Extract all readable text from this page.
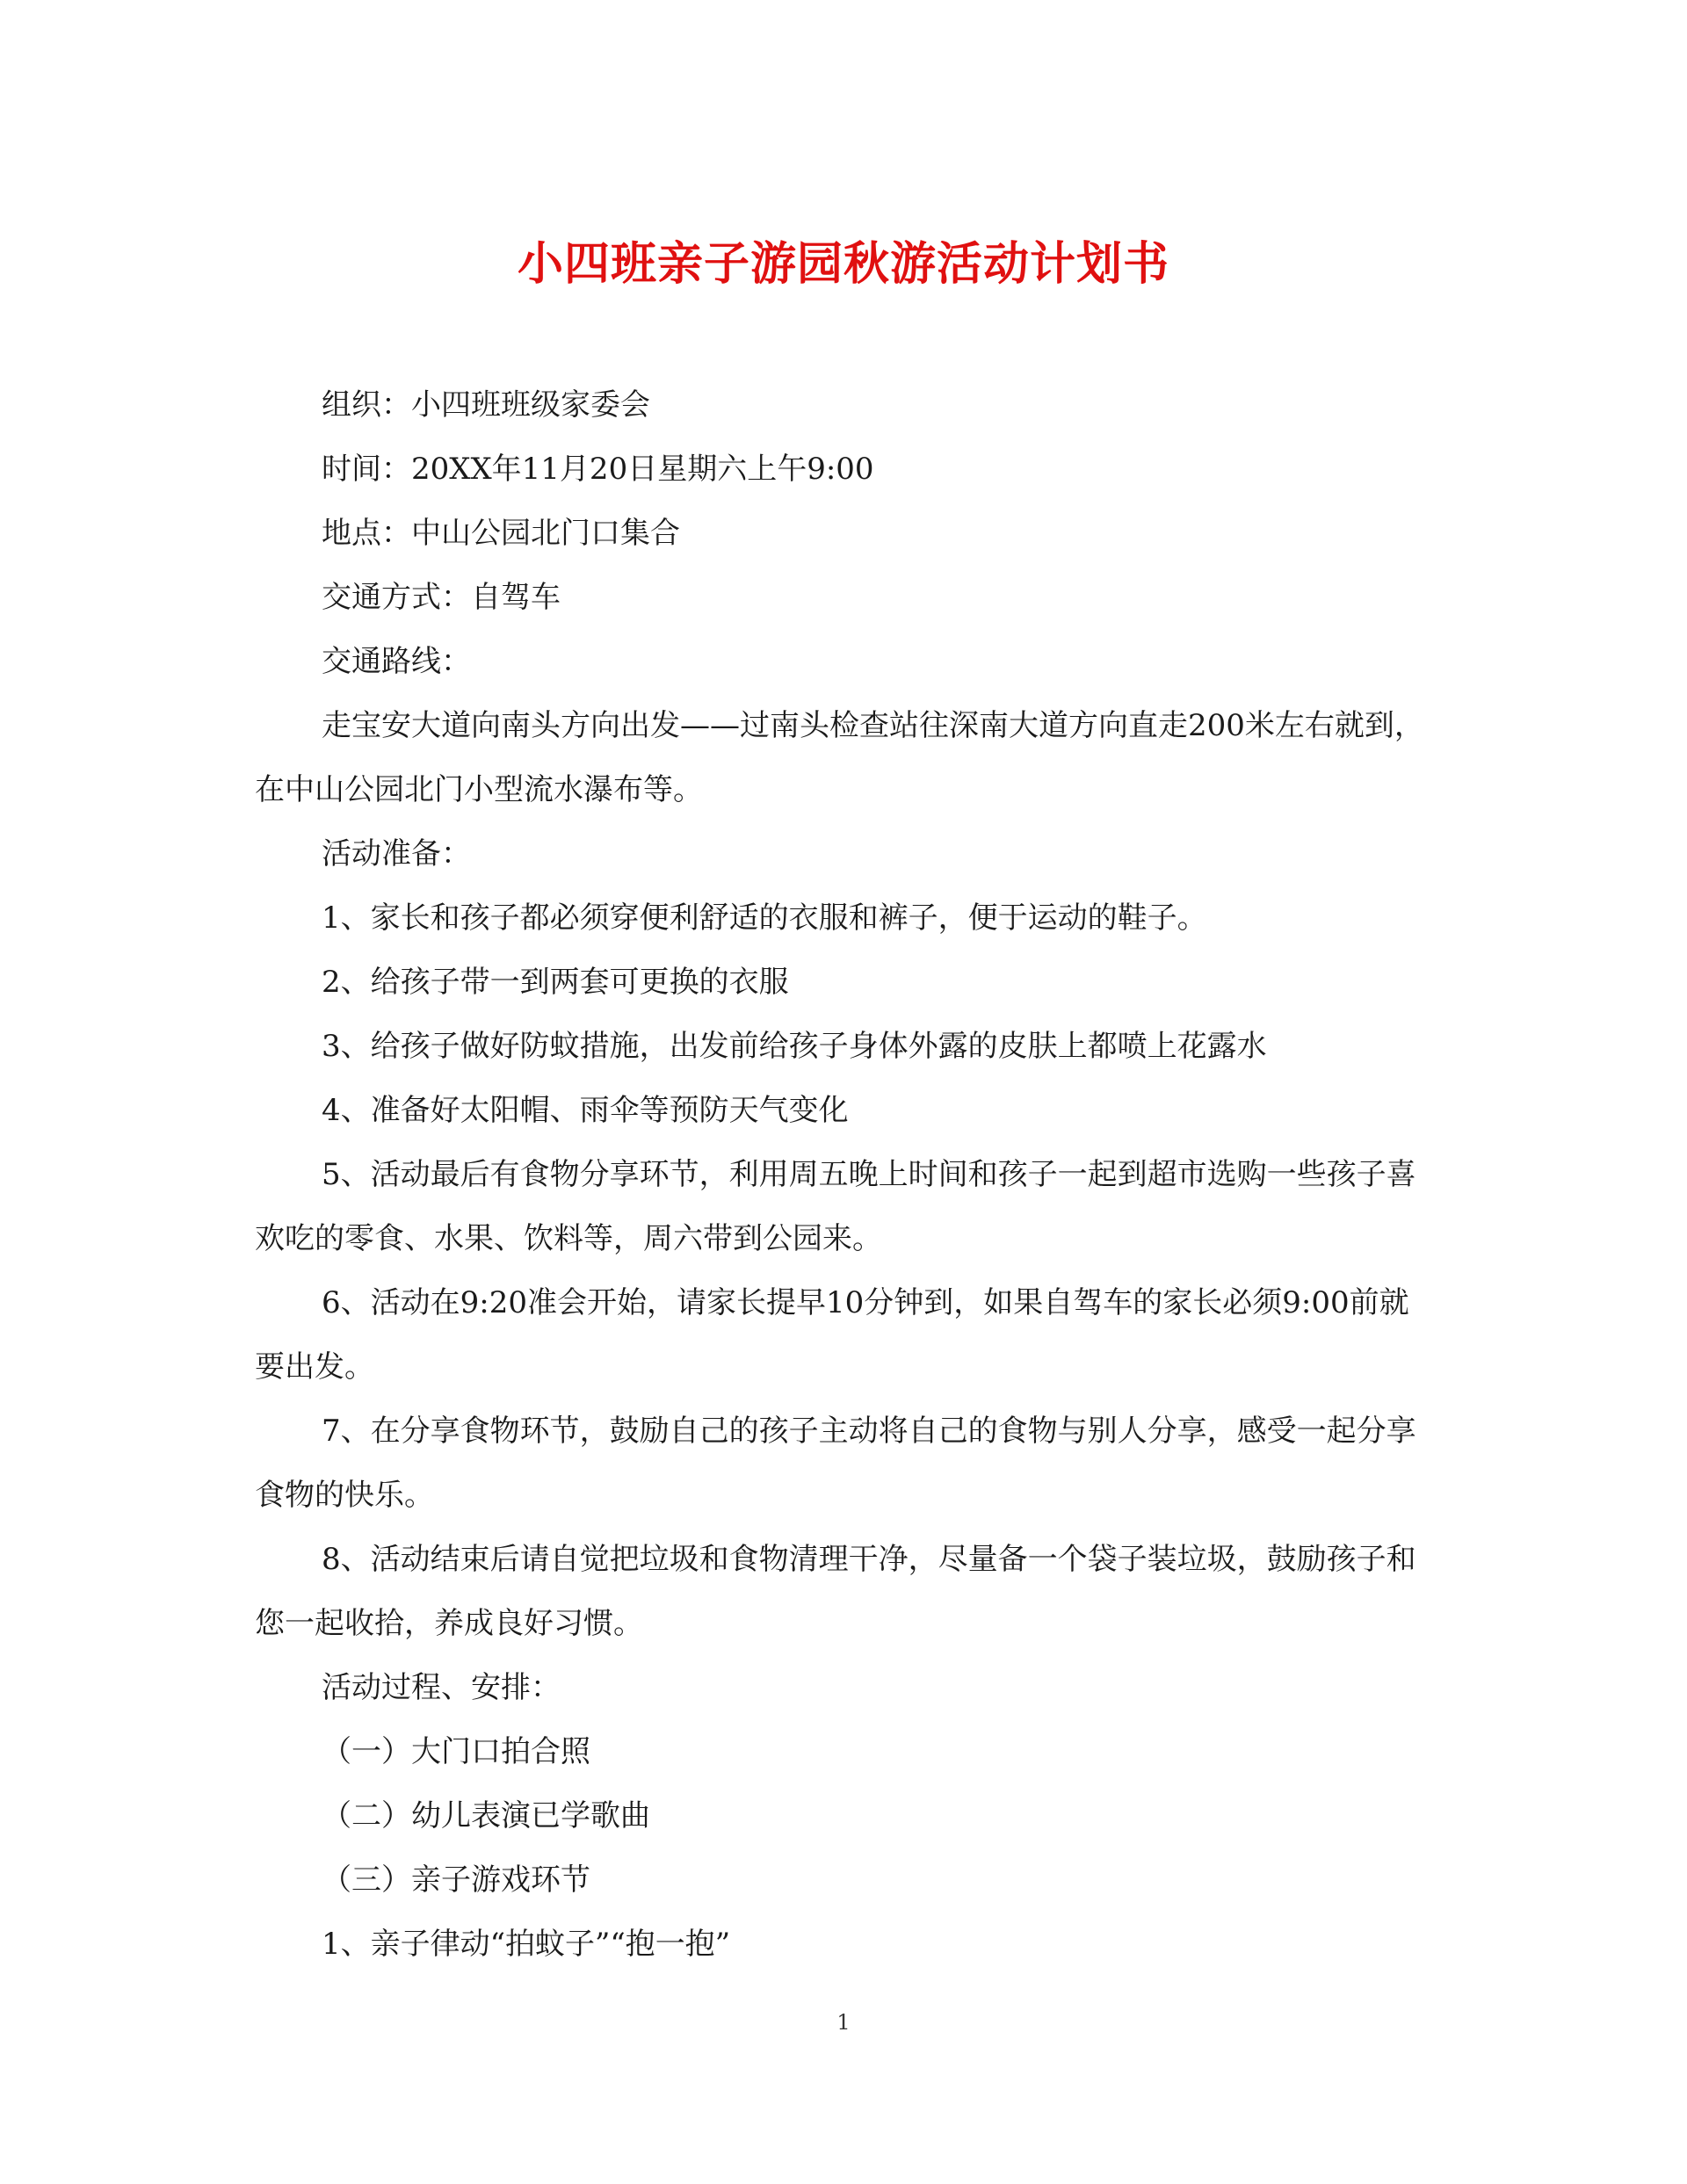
小四班亲子游园秋游活动计划书

组织：小四班班级家委会

时间：20XX年11月20日星期六上午9:00

地点：中山公园北门口集合

交通方式：自驾车

交通路线：

走宝安大道向南头方向出发——过南头检查站往深南大道方向直走200米左右就到，在中山公园北门小型流水瀑布等。

活动准备：

1、家长和孩子都必须穿便利舒适的衣服和裤子，便于运动的鞋子。

2、给孩子带一到两套可更换的衣服

3、给孩子做好防蚊措施，出发前给孩子身体外露的皮肤上都喷上花露水

4、准备好太阳帽、雨伞等预防天气变化

5、活动最后有食物分享环节，利用周五晚上时间和孩子一起到超市选购一些孩子喜欢吃的零食、水果、饮料等，周六带到公园来。

6、活动在9:20准会开始，请家长提早10分钟到，如果自驾车的家长必须9:00前就要出发。

7、在分享食物环节，鼓励自己的孩子主动将自己的食物与别人分享，感受一起分享食物的快乐。

8、活动结束后请自觉把垃圾和食物清理干净，尽量备一个袋子装垃圾，鼓励孩子和您一起收拾，养成良好习惯。

活动过程、安排：

（一）大门口拍合照

（二）幼儿表演已学歌曲

（三）亲子游戏环节

1、亲子律动“拍蚊子”“抱一抱”

1
